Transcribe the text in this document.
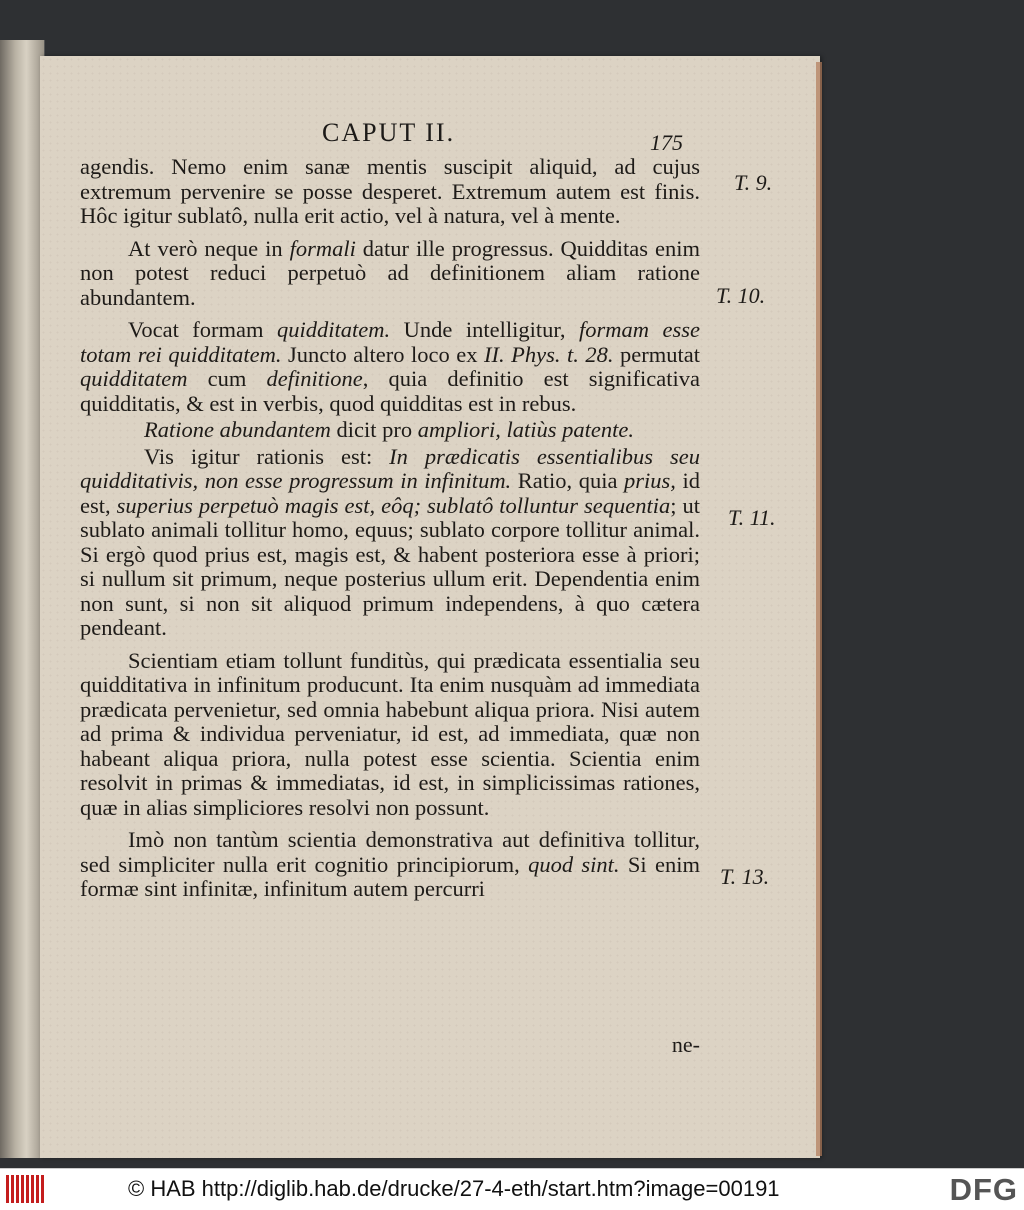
CAPUT II.	175

agendis. Nemo enim sanæ mentis suscipit aliquid, ad cujus extremum pervenire se posse desperet. Extremum autem est finis. Hôc igitur sublatô, nulla erit actio, vel à natura, vel à mente.

At verò neque in formali datur ille progressus. Quidditas enim non potest reduci perpetuò ad definitionem aliam ratione abundantem.

Vocat formam quidditatem. Unde intelligitur, formam esse totam rei quidditatem. Juncto altero loco ex II. Phys. t. 28. permutat quidditatem cum definitione, quia definitio est significativa quidditatis, & est in verbis, quod quidditas est in rebus.

Ratione abundantem dicit pro ampliori, latiùs patente.

Vis igitur rationis est: In prædicatis essentialibus seu quidditativis, non esse progressum in infinitum. Ratio, quia prius, id est, superius perpetuò magis est, eôq; sublatô tolluntur sequentia; ut sublato animali tollitur homo, equus; sublato corpore tollitur animal. Si ergò quod prius est, magis est, & habent posteriora esse à priori; si nullum sit primum, neque posterius ullum erit. Dependentia enim non sunt, si non sit aliquod primum independens, à quo cætera pendeant.

Scientiam etiam tollunt funditùs, qui prædicata essentialia seu quidditativa in infinitum producunt. Ita enim nusquàm ad immediata prædicata pervenietur, sed omnia habebunt aliqua priora. Nisi autem ad prima & individua perveniatur, id est, ad immediata, quæ non habeant aliqua priora, nulla potest esse scientia. Scientia enim resolvit in primas & immediatas, id est, in simplicissimas rationes, quæ in alias simpliciores resolvi non possunt.

Imò non tantùm scientia demonstrativa aut definitiva tollitur, sed simpliciter nulla erit cognitio principiorum, quod sint. Si enim formæ sint infinitæ, infinitum autem percurri

ne-
T. 9.
T. 10.
T. 11.
T. 13.
© HAB http://diglib.hab.de/drucke/27-4-eth/start.htm?image=00191	DFG
